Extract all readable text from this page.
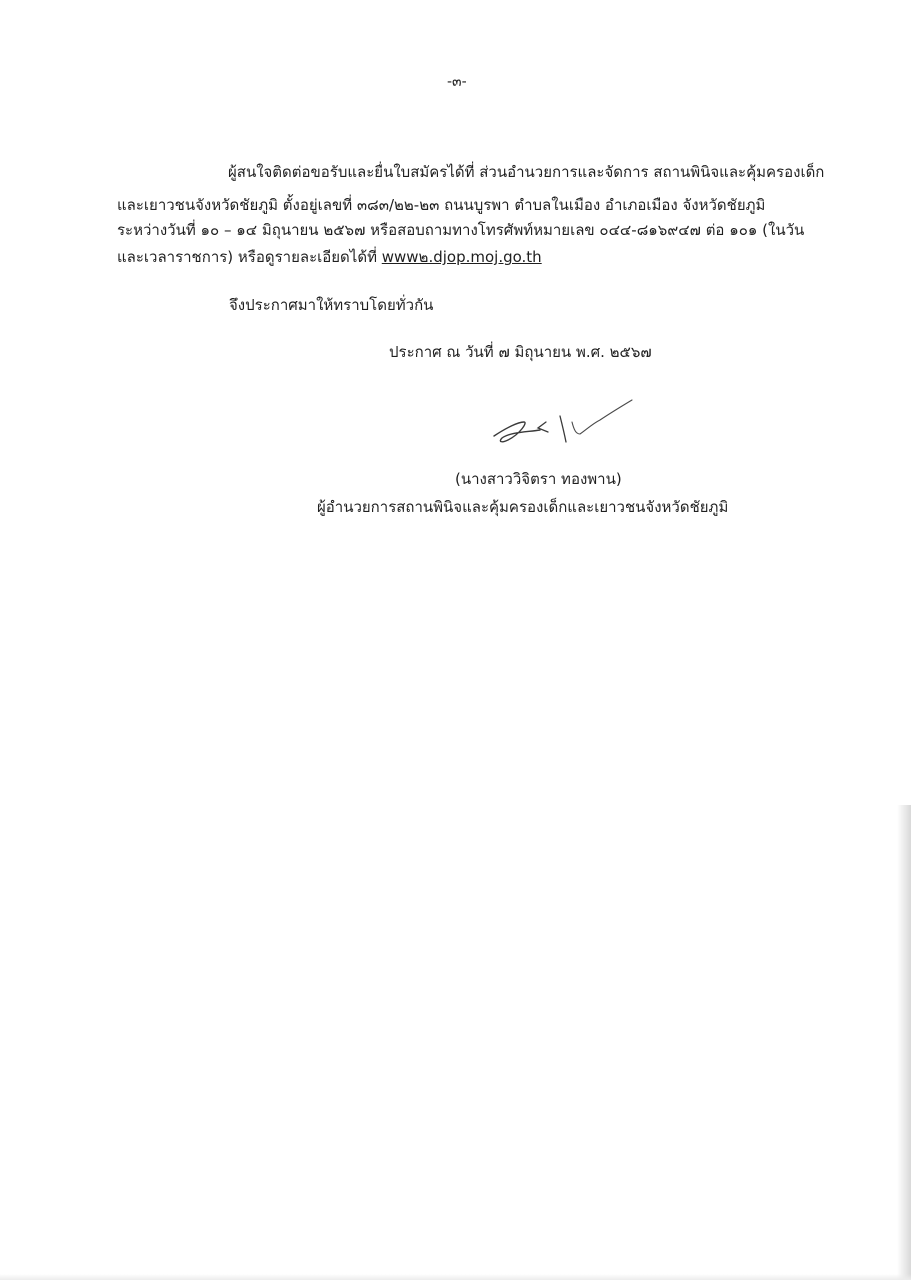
-๓-
ผู้สนใจติดต่อขอรับและยื่นใบสมัครได้ที่ ส่วนอำนวยการและจัดการ สถานพินิจและคุ้มครองเด็ก
และเยาวชนจังหวัดชัยภูมิ ตั้งอยู่เลขที่ ๓๘๓/๒๒-๒๓ ถนนบูรพา ตำบลในเมือง อำเภอเมือง จังหวัดชัยภูมิ
ระหว่างวันที่ ๑๐ – ๑๔ มิถุนายน ๒๕๖๗ หรือสอบถามทางโทรศัพท์หมายเลข ๐๔๔-๘๑๖๙๔๗ ต่อ ๑๐๑ (ในวัน
และเวลาราชการ) หรือดูรายละเอียดได้ที่ www๒.djop.moj.go.th
จึงประกาศมาให้ทราบโดยทั่วกัน
ประกาศ ณ วันที่ ๗ มิถุนายน พ.ศ. ๒๕๖๗
(นางสาววิจิตรา ทองพาน)
ผู้อำนวยการสถานพินิจและคุ้มครองเด็กและเยาวชนจังหวัดชัยภูมิ
